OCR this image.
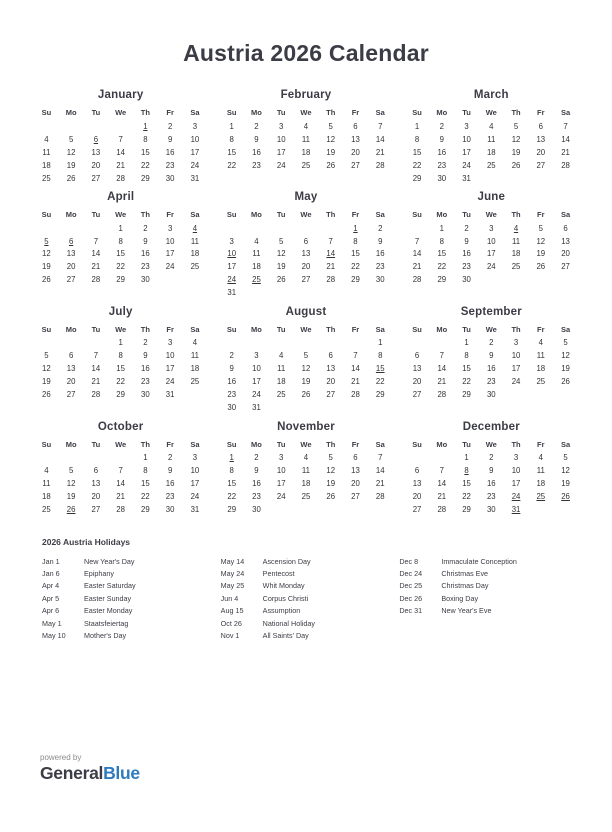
Austria 2026 Calendar
January
Su	Mo	Tu	We	Th	Fr	Sa
				1	2	3
4	5	6	7	8	9	10
11	12	13	14	15	16	17
18	19	20	21	22	23	24
25	26	27	28	29	30	31
February
Su	Mo	Tu	We	Th	Fr	Sa
1	2	3	4	5	6	7
8	9	10	11	12	13	14
15	16	17	18	19	20	21
22	23	24	25	26	27	28
March
Su	Mo	Tu	We	Th	Fr	Sa
1	2	3	4	5	6	7
8	9	10	11	12	13	14
15	16	17	18	19	20	21
22	23	24	25	26	27	28
29	30	31				
April
Su	Mo	Tu	We	Th	Fr	Sa
			1	2	3	4
5	6	7	8	9	10	11
12	13	14	15	16	17	18
19	20	21	22	23	24	25
26	27	28	29	30		
May
Su	Mo	Tu	We	Th	Fr	Sa
					1	2
3	4	5	6	7	8	9
10	11	12	13	14	15	16
17	18	19	20	21	22	23
24	25	26	27	28	29	30
31						
June
Su	Mo	Tu	We	Th	Fr	Sa
	1	2	3	4	5	6
7	8	9	10	11	12	13
14	15	16	17	18	19	20
21	22	23	24	25	26	27
28	29	30				
July
Su	Mo	Tu	We	Th	Fr	Sa
			1	2	3	4
5	6	7	8	9	10	11
12	13	14	15	16	17	18
19	20	21	22	23	24	25
26	27	28	29	30	31	
August
Su	Mo	Tu	We	Th	Fr	Sa
						1
2	3	4	5	6	7	8
9	10	11	12	13	14	15
16	17	18	19	20	21	22
23	24	25	26	27	28	29
30	31					
September
Su	Mo	Tu	We	Th	Fr	Sa
		1	2	3	4	5
6	7	8	9	10	11	12
13	14	15	16	17	18	19
20	21	22	23	24	25	26
27	28	29	30			
October
Su	Mo	Tu	We	Th	Fr	Sa
				1	2	3
4	5	6	7	8	9	10
11	12	13	14	15	16	17
18	19	20	21	22	23	24
25	26	27	28	29	30	31
November
Su	Mo	Tu	We	Th	Fr	Sa
1	2	3	4	5	6	7
8	9	10	11	12	13	14
15	16	17	18	19	20	21
22	23	24	25	26	27	28
29	30					
December
Su	Mo	Tu	We	Th	Fr	Sa
		1	2	3	4	5
6	7	8	9	10	11	12
13	14	15	16	17	18	19
20	21	22	23	24	25	26
27	28	29	30	31		
2026 Austria Holidays
Jan 1	New Year's Day
Jan 6	Epiphany
Apr 4	Easter Saturday
Apr 5	Easter Sunday
Apr 6	Easter Monday
May 1	Staatsfeiertag
May 10	Mother's Day
May 14	Ascension Day
May 24	Pentecost
May 25	Whit Monday
Jun 4	Corpus Christi
Aug 15	Assumption
Oct 26	National Holiday
Nov 1	All Saints' Day
Dec 8	Immaculate Conception
Dec 24	Christmas Eve
Dec 25	Christmas Day
Dec 26	Boxing Day
Dec 31	New Year's Eve
powered by
GeneralBlue
